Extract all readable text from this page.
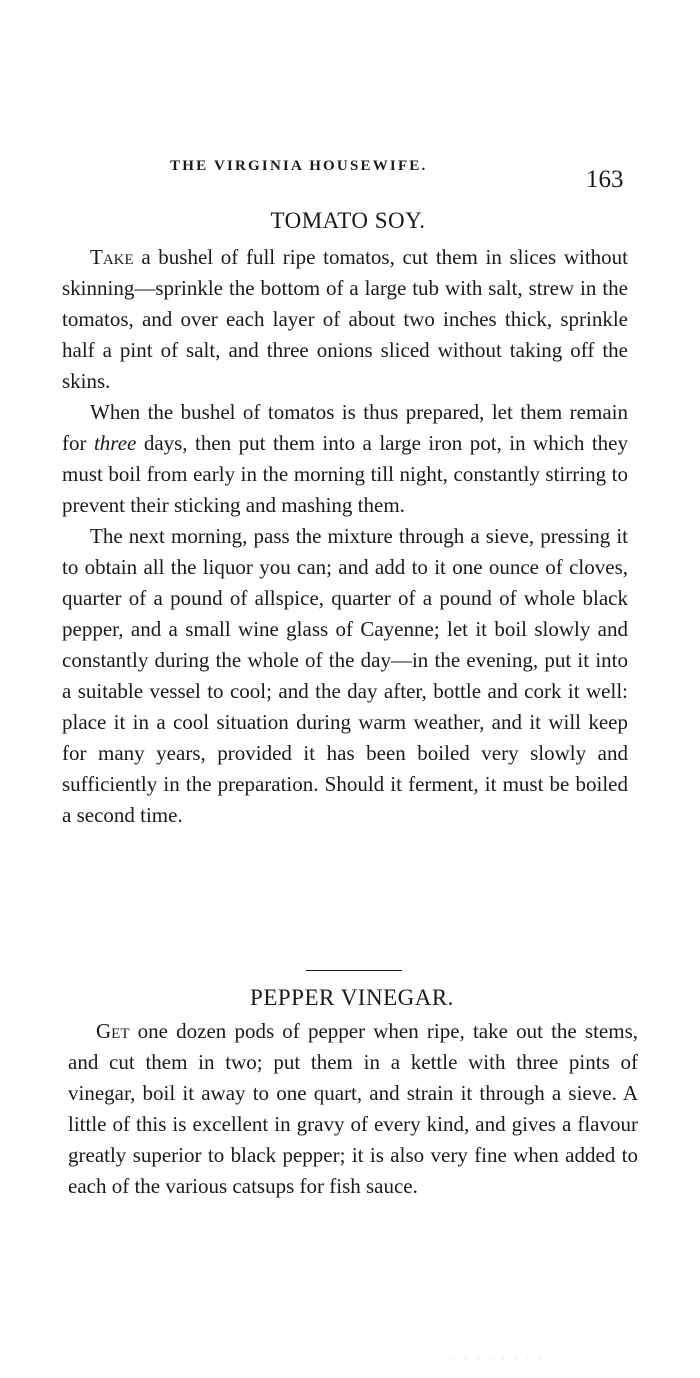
THE VIRGINIA HOUSEWIFE.	163
TOMATO SOY.

Take a bushel of full ripe tomatos, cut them in slices without skinning—sprinkle the bottom of a large tub with salt, strew in the tomatos, and over each layer of about two inches thick, sprinkle half a pint of salt, and three onions sliced without taking off the skins.

When the bushel of tomatos is thus prepared, let them remain for three days, then put them into a large iron pot, in which they must boil from early in the morning till night, constantly stirring to prevent their sticking and mashing them.

The next morning, pass the mixture through a sieve, pressing it to obtain all the liquor you can; and add to it one ounce of cloves, quarter of a pound of allspice, quarter of a pound of whole black pepper, and a small wine glass of Cayenne; let it boil slowly and constantly during the whole of the day—in the evening, put it into a suitable vessel to cool; and the day after, bottle and cork it well: place it in a cool situation during warm weather, and it will keep for many years, provided it has been boiled very slowly and sufficiently in the preparation. Should it ferment, it must be boiled a second time.

PEPPER VINEGAR.

Get one dozen pods of pepper when ripe, take out the stems, and cut them in two; put them in a kettle with three pints of vinegar, boil it away to one quart, and strain it through a sieve. A little of this is excellent in gravy of every kind, and gives a flavour greatly superior to black pepper; it is also very fine when added to each of the various catsups for fish sauce.

· · · · · · · ·
